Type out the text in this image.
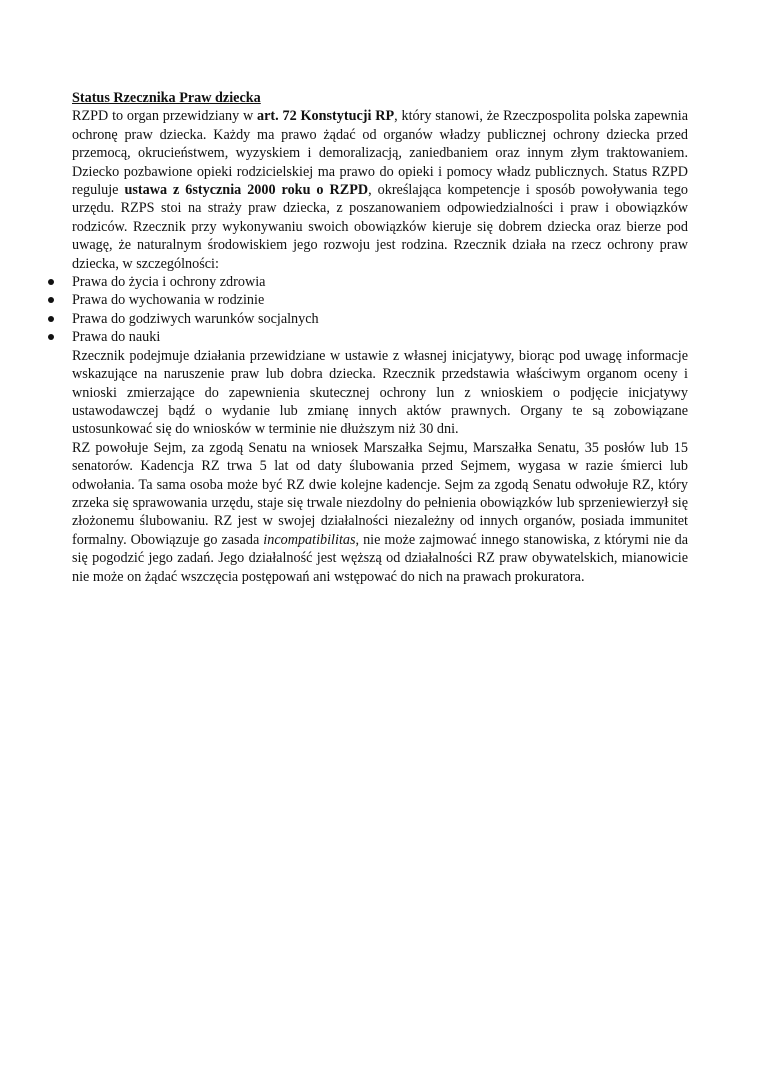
Status Rzecznika Praw dziecka

RZPD to organ przewidziany w art. 72 Konstytucji RP, który stanowi, że Rzeczpospolita polska zapewnia ochronę praw dziecka. Każdy ma prawo żądać od organów władzy publicznej ochrony dziecka przed przemocą, okrucieństwem, wyzyskiem i demoralizacją, zaniedbaniem oraz innym złym traktowaniem. Dziecko pozbawione opieki rodzicielskiej ma prawo do opieki i pomocy władz publicznych. Status RZPD reguluje ustawa z 6stycznia 2000 roku o RZPD, określająca kompetencje i sposób powoływania tego urzędu. RZPS stoi na straży praw dziecka, z poszanowaniem odpowiedzialności i praw i obowiązków rodziców. Rzecznik przy wykonywaniu swoich obowiązków kieruje się dobrem dziecka oraz bierze pod uwagę, że naturalnym środowiskiem jego rozwoju jest rodzina. Rzecznik działa na rzecz ochrony praw dziecka, w szczególności:

Prawa do życia i ochrony zdrowia
Prawa do wychowania w rodzinie
Prawa do godziwych warunków socjalnych
Prawa do nauki

Rzecznik podejmuje działania przewidziane w ustawie z własnej inicjatywy, biorąc pod uwagę informacje wskazujące na naruszenie praw lub dobra dziecka. Rzecznik przedstawia właściwym organom oceny i wnioski zmierzające do zapewnienia skutecznej ochrony lun z wnioskiem o podjęcie inicjatywy ustawodawczej bądź o wydanie lub zmianę innych aktów prawnych. Organy te są zobowiązane ustosunkować się do wniosków w terminie nie dłuższym niż 30 dni.

RZ powołuje Sejm, za zgodą Senatu na wniosek Marszałka Sejmu, Marszałka Senatu, 35 posłów lub 15 senatorów. Kadencja RZ trwa 5 lat od daty ślubowania przed Sejmem, wygasa w razie śmierci lub odwołania. Ta sama osoba może być RZ dwie kolejne kadencje. Sejm za zgodą Senatu odwołuje RZ, który zrzeka się sprawowania urzędu, staje się trwale niezdolny do pełnienia obowiązków lub sprzeniewierzył się złożonemu ślubowaniu. RZ jest w swojej działalności niezależny od innych organów, posiada immunitet formalny. Obowiązuje go zasada incompatibilitas, nie może zajmować innego stanowiska, z którymi nie da się pogodzić jego zadań. Jego działalność jest węższą od działalności RZ praw obywatelskich, mianowicie nie może on żądać wszczęcia postępowań ani wstępować do nich na prawach prokuratora.
